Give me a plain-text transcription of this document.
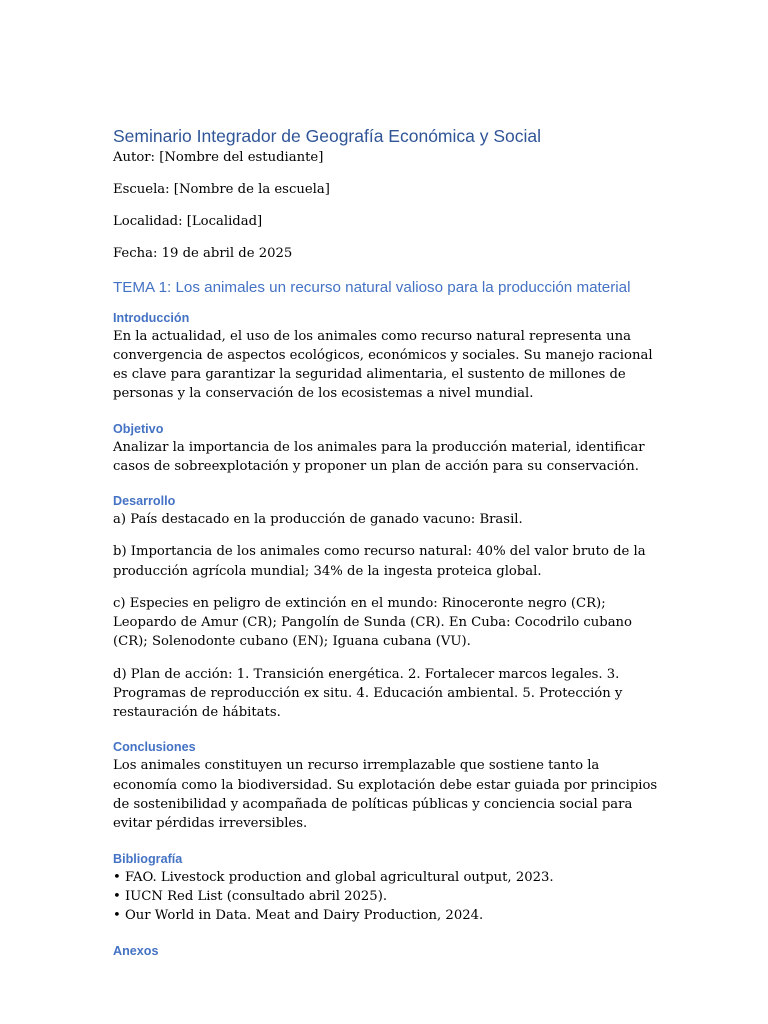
Seminario Integrador de Geografía Económica y Social

Autor: [Nombre del estudiante]

Escuela: [Nombre de la escuela]

Localidad: [Localidad]

Fecha: 19 de abril de 2025

TEMA 1: Los animales un recurso natural valioso para la producción material
Introducción

En la actualidad, el uso de los animales como recurso natural representa una convergencia de aspectos ecológicos, económicos y sociales. Su manejo racional es clave para garantizar la seguridad alimentaria, el sustento de millones de personas y la conservación de los ecosistemas a nivel mundial.

Objetivo

Analizar la importancia de los animales para la producción material, identificar casos de sobreexplotación y proponer un plan de acción para su conservación.

Desarrollo

a) País destacado en la producción de ganado vacuno: Brasil.

b) Importancia de los animales como recurso natural: 40% del valor bruto de la producción agrícola mundial; 34% de la ingesta proteica global.

c) Especies en peligro de extinción en el mundo: Rinoceronte negro (CR); Leopardo de Amur (CR); Pangolín de Sunda (CR). En Cuba: Cocodrilo cubano (CR); Solenodonte cubano (EN); Iguana cubana (VU).

d) Plan de acción: 1. Transición energética. 2. Fortalecer marcos legales. 3. Programas de reproducción ex situ. 4. Educación ambiental. 5. Protección y restauración de hábitats.

Conclusiones

Los animales constituyen un recurso irremplazable que sostiene tanto la economía como la biodiversidad. Su explotación debe estar guiada por principios de sostenibilidad y acompañada de políticas públicas y conciencia social para evitar pérdidas irreversibles.

Bibliografía

• FAO. Livestock production and global agricultural output, 2023.

• IUCN Red List (consultado abril 2025).

• Our World in Data. Meat and Dairy Production, 2024.

Anexos
